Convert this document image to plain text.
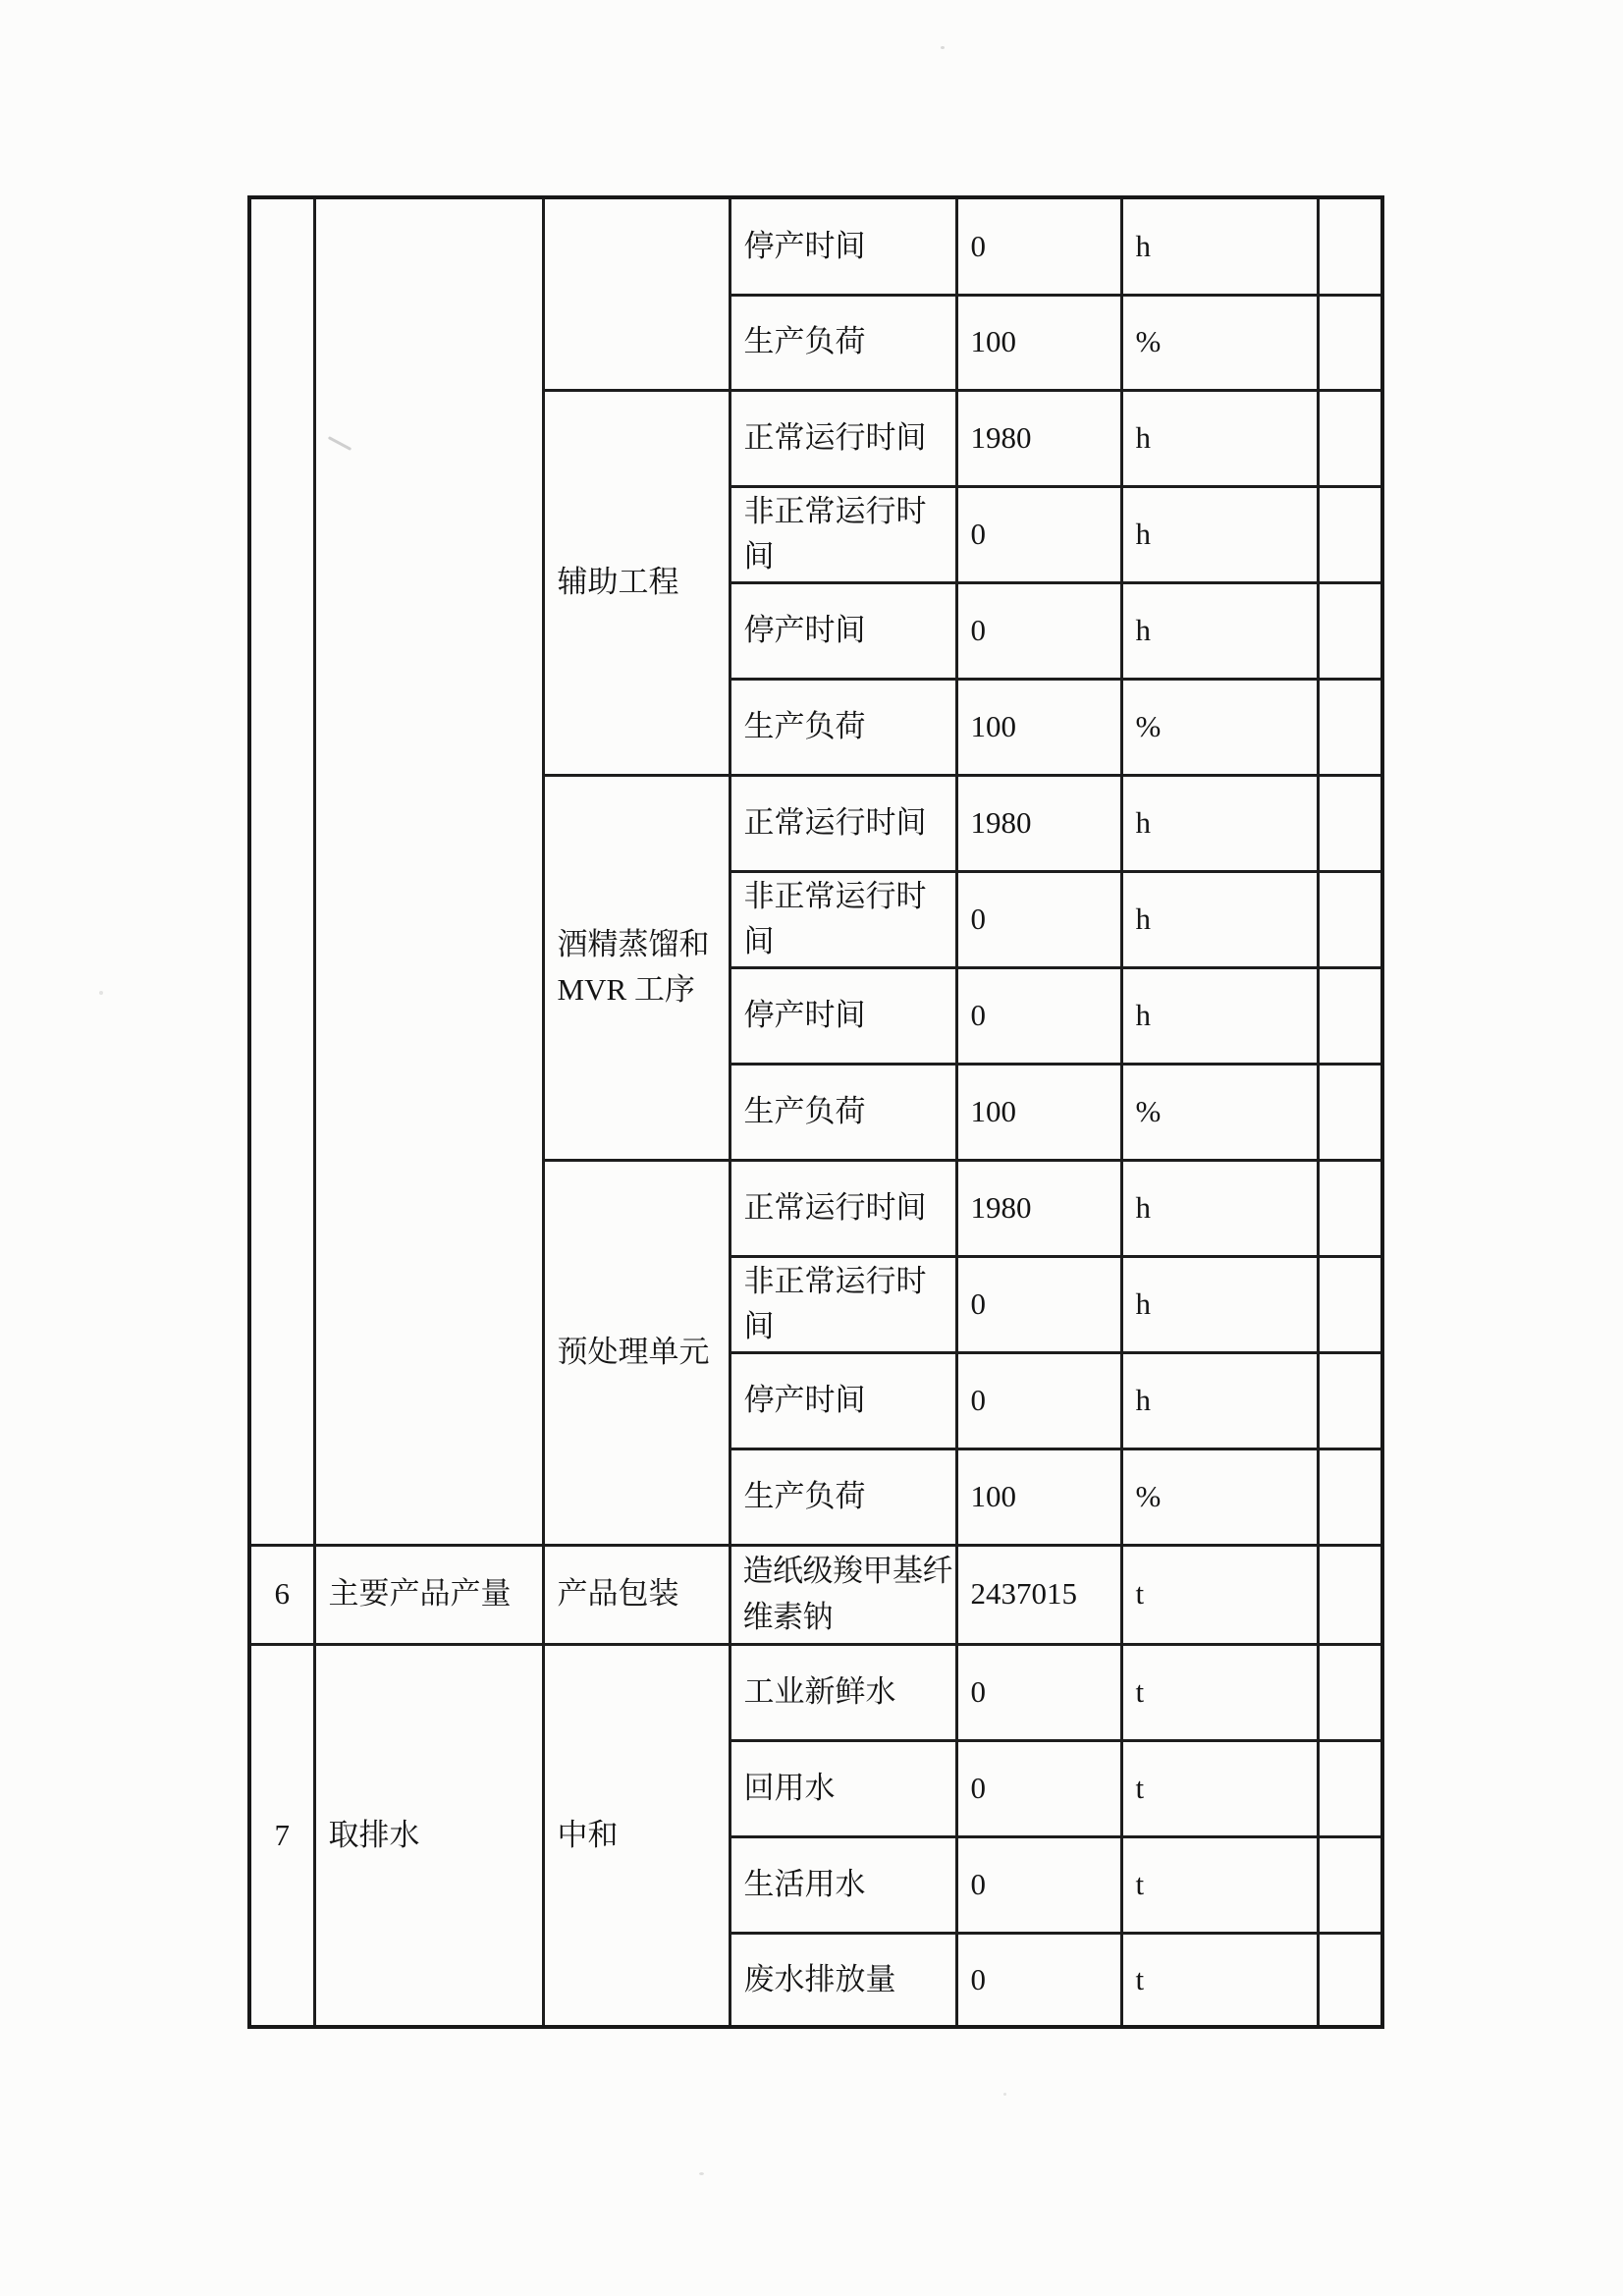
			停产时间	0	h	
			生产负荷	100	%	

		辅助工程	正常运行时间	1980	h	
			非正常运行时间	0	h	
			停产时间	0	h	
			生产负荷	100	%	

		酒精蒸馏和MVR 工序	正常运行时间	1980	h	
			非正常运行时间	0	h	
			停产时间	0	h	
			生产负荷	100	%	

		预处理单元	正常运行时间	1980	h	
			非正常运行时间	0	h	
			停产时间	0	h	
			生产负荷	100	%	
6	主要产品产量	产品包装	造纸级羧甲基纤维素钠	2437015	t	
7	取排水	中和	工业新鲜水	0	t	
			回用水	0	t	
			生活用水	0	t	
			废水排放量	0	t	
